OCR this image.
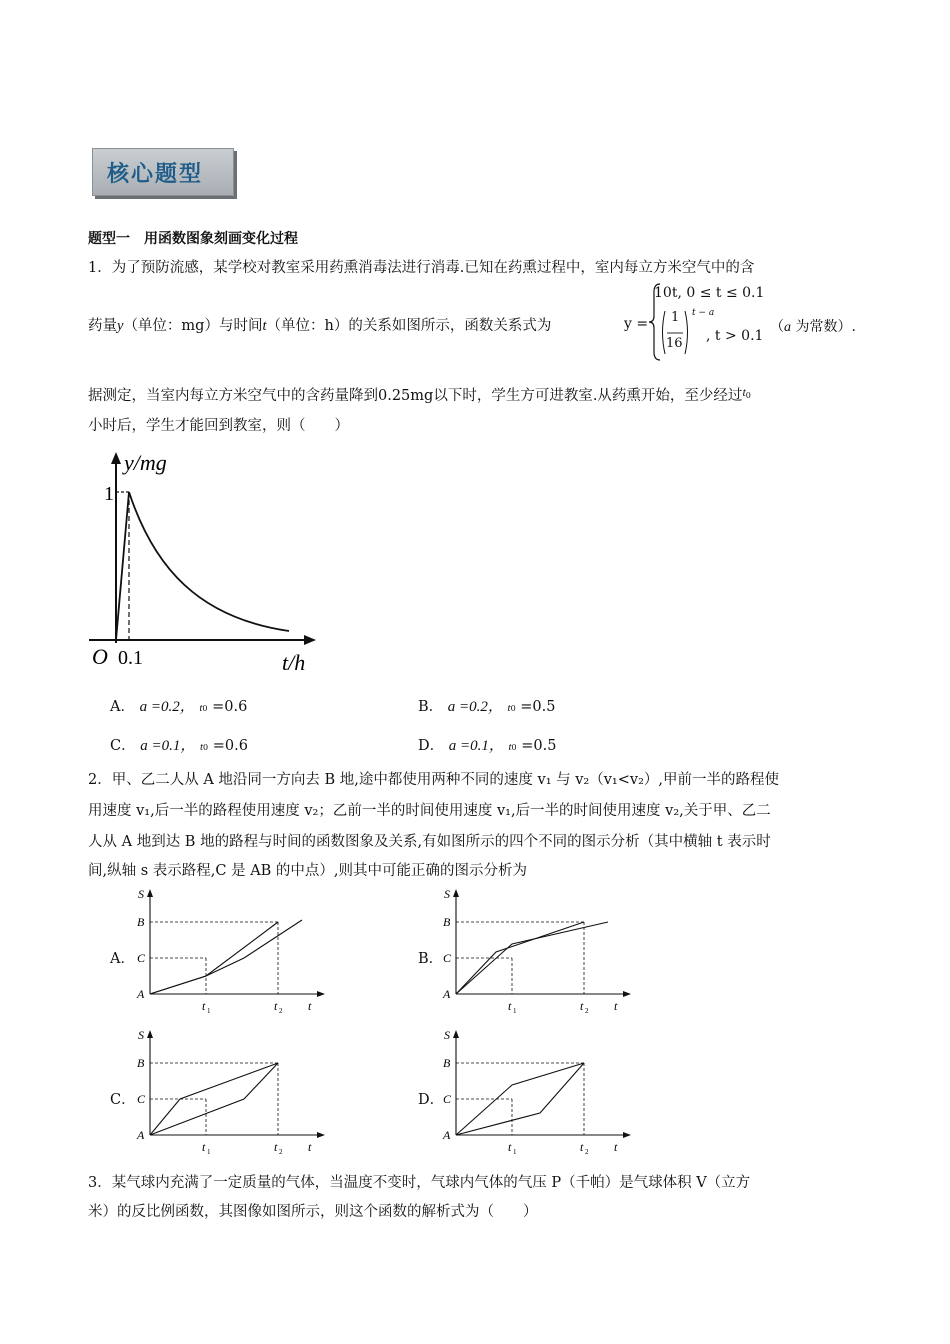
核心题型
题型一　用函数图象刻画变化过程
1．为了预防流感，某学校对教室采用药熏消毒法进行消毒.已知在药熏过程中，室内每立方米空气中的含
药量y（单位：mg）与时间t（单位：h）的关系如图所示，函数关系式为	y =
10t, 0 ≤ t ≤ 0.1
1
16
t − a
, t > 0.1
（a 为常数）.
据测定，当室内每立方米空气中的含药量降到0.25mg以下时，学生方可进教室.从药熏开始，至少经过$^t$0
小时后，学生才能回到教室，则（　　）
y/mg
1
O 0.1	t/h
A． a =0.2， t0 =0.6	B． a =0.2， t0 =0.5
C． a =0.1， t0 =0.6	D． a =0.1， t0 =0.5
2．甲、乙二人从 A 地沿同一方向去 B 地,途中都使用两种不同的速度 v₁ 与 v₂（v₁<v₂）,甲前一半的路程使
用速度 v₁,后一半的路程使用速度 v₂；乙前一半的时间使用速度 v₁,后一半的时间使用速度 v₂,关于甲、乙二
人从 A 地到达 B 地的路程与时间的函数图象及关系,有如图所示的四个不同的图示分析（其中横轴 t 表示时
间,纵轴 s 表示路程,C 是 AB 的中点）,则其中可能正确的图示分析为
A．	B．
C．	D．
S
B
C
A
t 1	t 2 t
S
B
C
A
t 1	t 2 t
S
B
C
A
t 1	t 2 t
S
B
C
A
t 1	t 2 t
3．某气球内充满了一定质量的气体，当温度不变时，气球内气体的气压 P（千帕）是气球体积 V（立方
米）的反比例函数，其图像如图所示，则这个函数的解析式为（　　）
